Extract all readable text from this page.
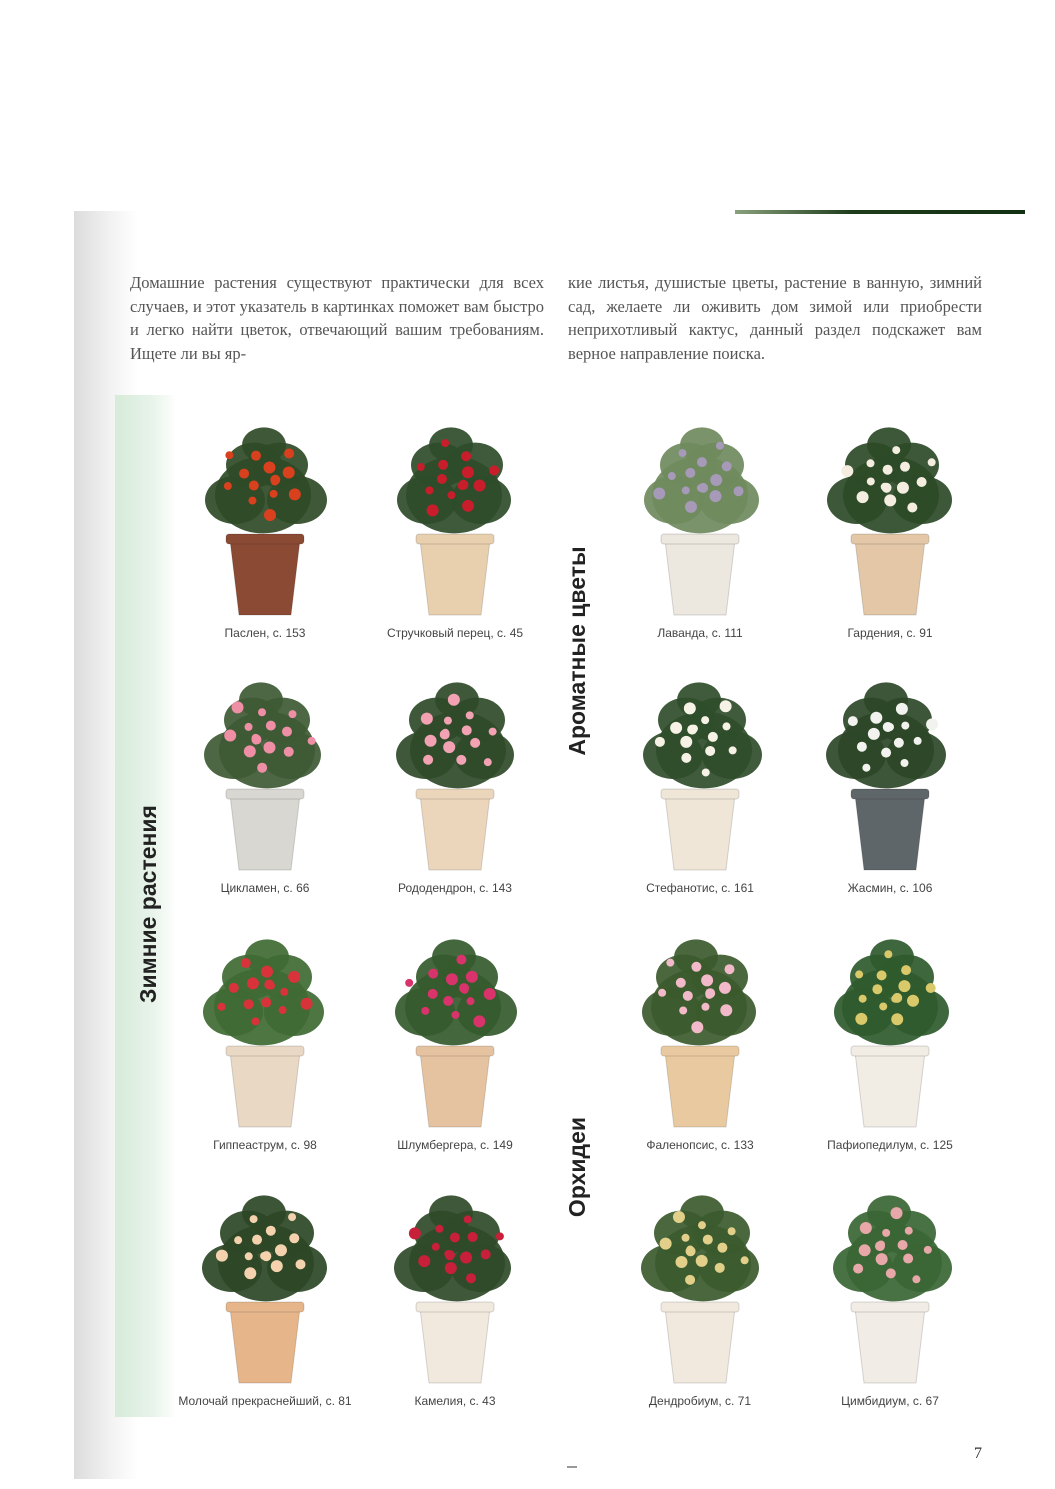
Домашние растения существуют практически для всех случаев, и этот указатель в картинках поможет вам быстро и легко найти цветок, отвечающий вашим требованиям. Ищете ли вы яр-

кие листья, душистые цветы, растение в ванную, зимний сад, желаете ли оживить дом зимой или приобрести неприхотливый кактус, данный раздел подскажет вам верное направление поиска.

Зимние растения
Ароматные цветы
Орхидеи
Паслен, с. 153	Стручковый перец, с. 45	Лаванда, с. 111	Гардения, с. 91
Цикламен, с. 66	Рододендрон, с. 143	Стефанотис, с. 161	Жасмин, с. 106
Гиппеаструм, с. 98	Шлумбергера, с. 149	Фаленопсис, с. 133	Пафиопедилум, с. 125
Молочай прекраснейший, с. 81	Камелия, с. 43	Дендробиум, с. 71	Цимбидиум, с. 67
7
